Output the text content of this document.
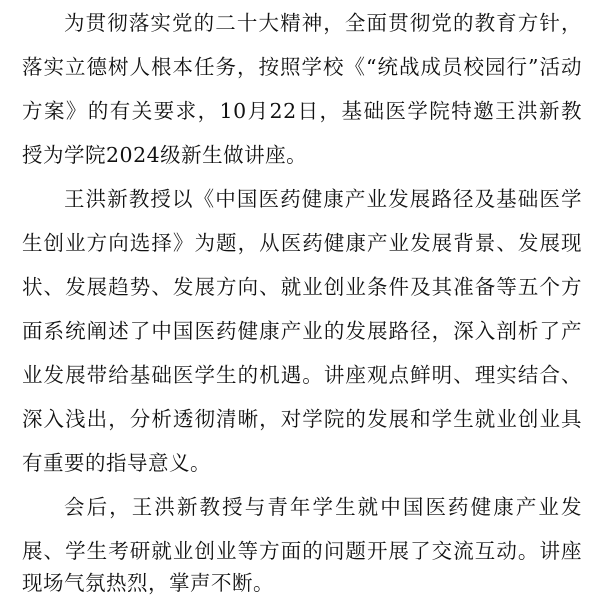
为贯彻落实党的二十大精神，全面贯彻党的教育方针，
落实立德树人根本任务，按照学校《“统战成员校园行”活动
方案》的有关要求，10月22日，基础医学院特邀王洪新教
授为学院2024级新生做讲座。
王洪新教授以《中国医药健康产业发展路径及基础医学
生创业方向选择》为题，从医药健康产业发展背景、发展现
状、发展趋势、发展方向、就业创业条件及其准备等五个方
面系统阐述了中国医药健康产业的发展路径，深入剖析了产
业发展带给基础医学生的机遇。讲座观点鲜明、理实结合、
深入浅出，分析透彻清晰，对学院的发展和学生就业创业具
有重要的指导意义。
会后，王洪新教授与青年学生就中国医药健康产业发
展、学生考研就业创业等方面的问题开展了交流互动。讲座
现场气氛热烈，掌声不断。
